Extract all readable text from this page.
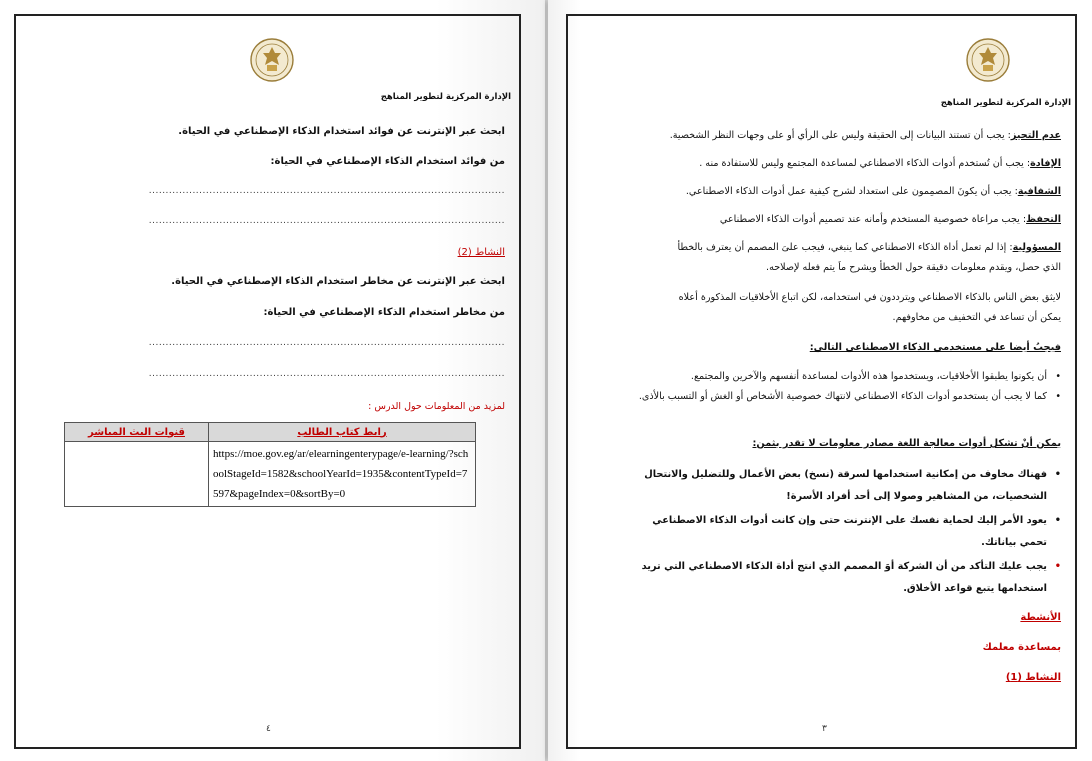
الإدارة المركزية لتطوير المناهج
ابحث عبر الإنترنت عن فوائد استخدام الذكاء الإصطناعي في الحياة.
من فوائد استخدام الذكاء الإصطناعي في الحياة:
..........................................................................................................
..........................................................................................................
النشاط (2)
ابحث عبر الإنترنت عن مخاطر استخدام الذكاء الإصطناعي في الحياة.
من مخاطر استخدام الذكاء الإصطناعي في الحياة:
..........................................................................................................
..........................................................................................................
لمزيد من المعلومات حول الدرس :
٤
رابط كتاب الطالب	قنوات البث المباشر
https://moe.gov.eg/ar/elearningenterypage/e-learning/?schoolStageId=1582&schoolYearId=1935&contentTypeId=7597&pageIndex=0&sortBy=0	
الإدارة المركزية لتطوير المناهج
عدم التحيز: يجب أن تستند البيانات إلى الحقيقة وليس على الرأي أو على وجهات النظر الشخصية.
الإفادة: يجب أن تُستخدم أدوات الذكاء الاصطناعي لمساعدة المجتمع وليس للاستفادة منه .
الشفافية: يجب أن يكونَ المصمِمون على استعداد لشرح كيفية عمل أدوات الذكاء الاصطناعي.
التحفظ: يجب مراعاة خصوصية المستخدم وأمانه عند تصميم أدوات الذكاء الاصطناعي
المسؤولية: إذا لم تعمل أداة الذكاء الاصطناعي كما ينبغي، فيجب علىَ المصمم أن يعترف بالخطأ
الذي حصل، ويقدم معلومات دقيقة حول الخطأ ويشرح ماَ يتم فعله لإصلاحه.
لايثق بعض الناس بالذكاء الاصطناعي ويترددون في استخدامه، لكن اتباع الأخلاقيات المذكورة أعلاه
يمكن أن تساعد في التخفيف من مخاوفهم.
فيجبُ أيضا على مستخدمي الذكاء الاصطناعي التالي:
•
أن يكونوا يطبقوا الأخلاقيات، ويستخدموا هذه الأدوات لمساعدة أنفسهم والآخرين والمجتمع.
•
كما لا يجب أن يستخدمو أدوات الذكاء الاصطناعي لانتهاك خصوصية الأشخاص أو الغش أو التسبب بالأذى.
يمكن أنْ تشكل أدوات معالجة اللغة مصادر معلومات لا تقدر بثمن:
•
فهناك مخاوف من إمكانية استخدامها لسرقة (نسخ) بعض الأعمال وللتضليل والانتحال الشخصيات، من المشاهير وصولا إلى أحد أفراد الأسرة!
•
يعود الأمر إليك لحماية نفسك على الإنترنت حتى وإن كانت أدوات الذكاء الاصطناعي تحمي بياناتك.
•
يجب عليك التأكد من أن الشركة أوَ المصمم الذي انتج أداة الذكاء الاصطناعي التي تريد استخدامها يتبع قواعد الأخلاق.
الأنشطة
بمساعدة معلمك
النشاط (1)
٣
